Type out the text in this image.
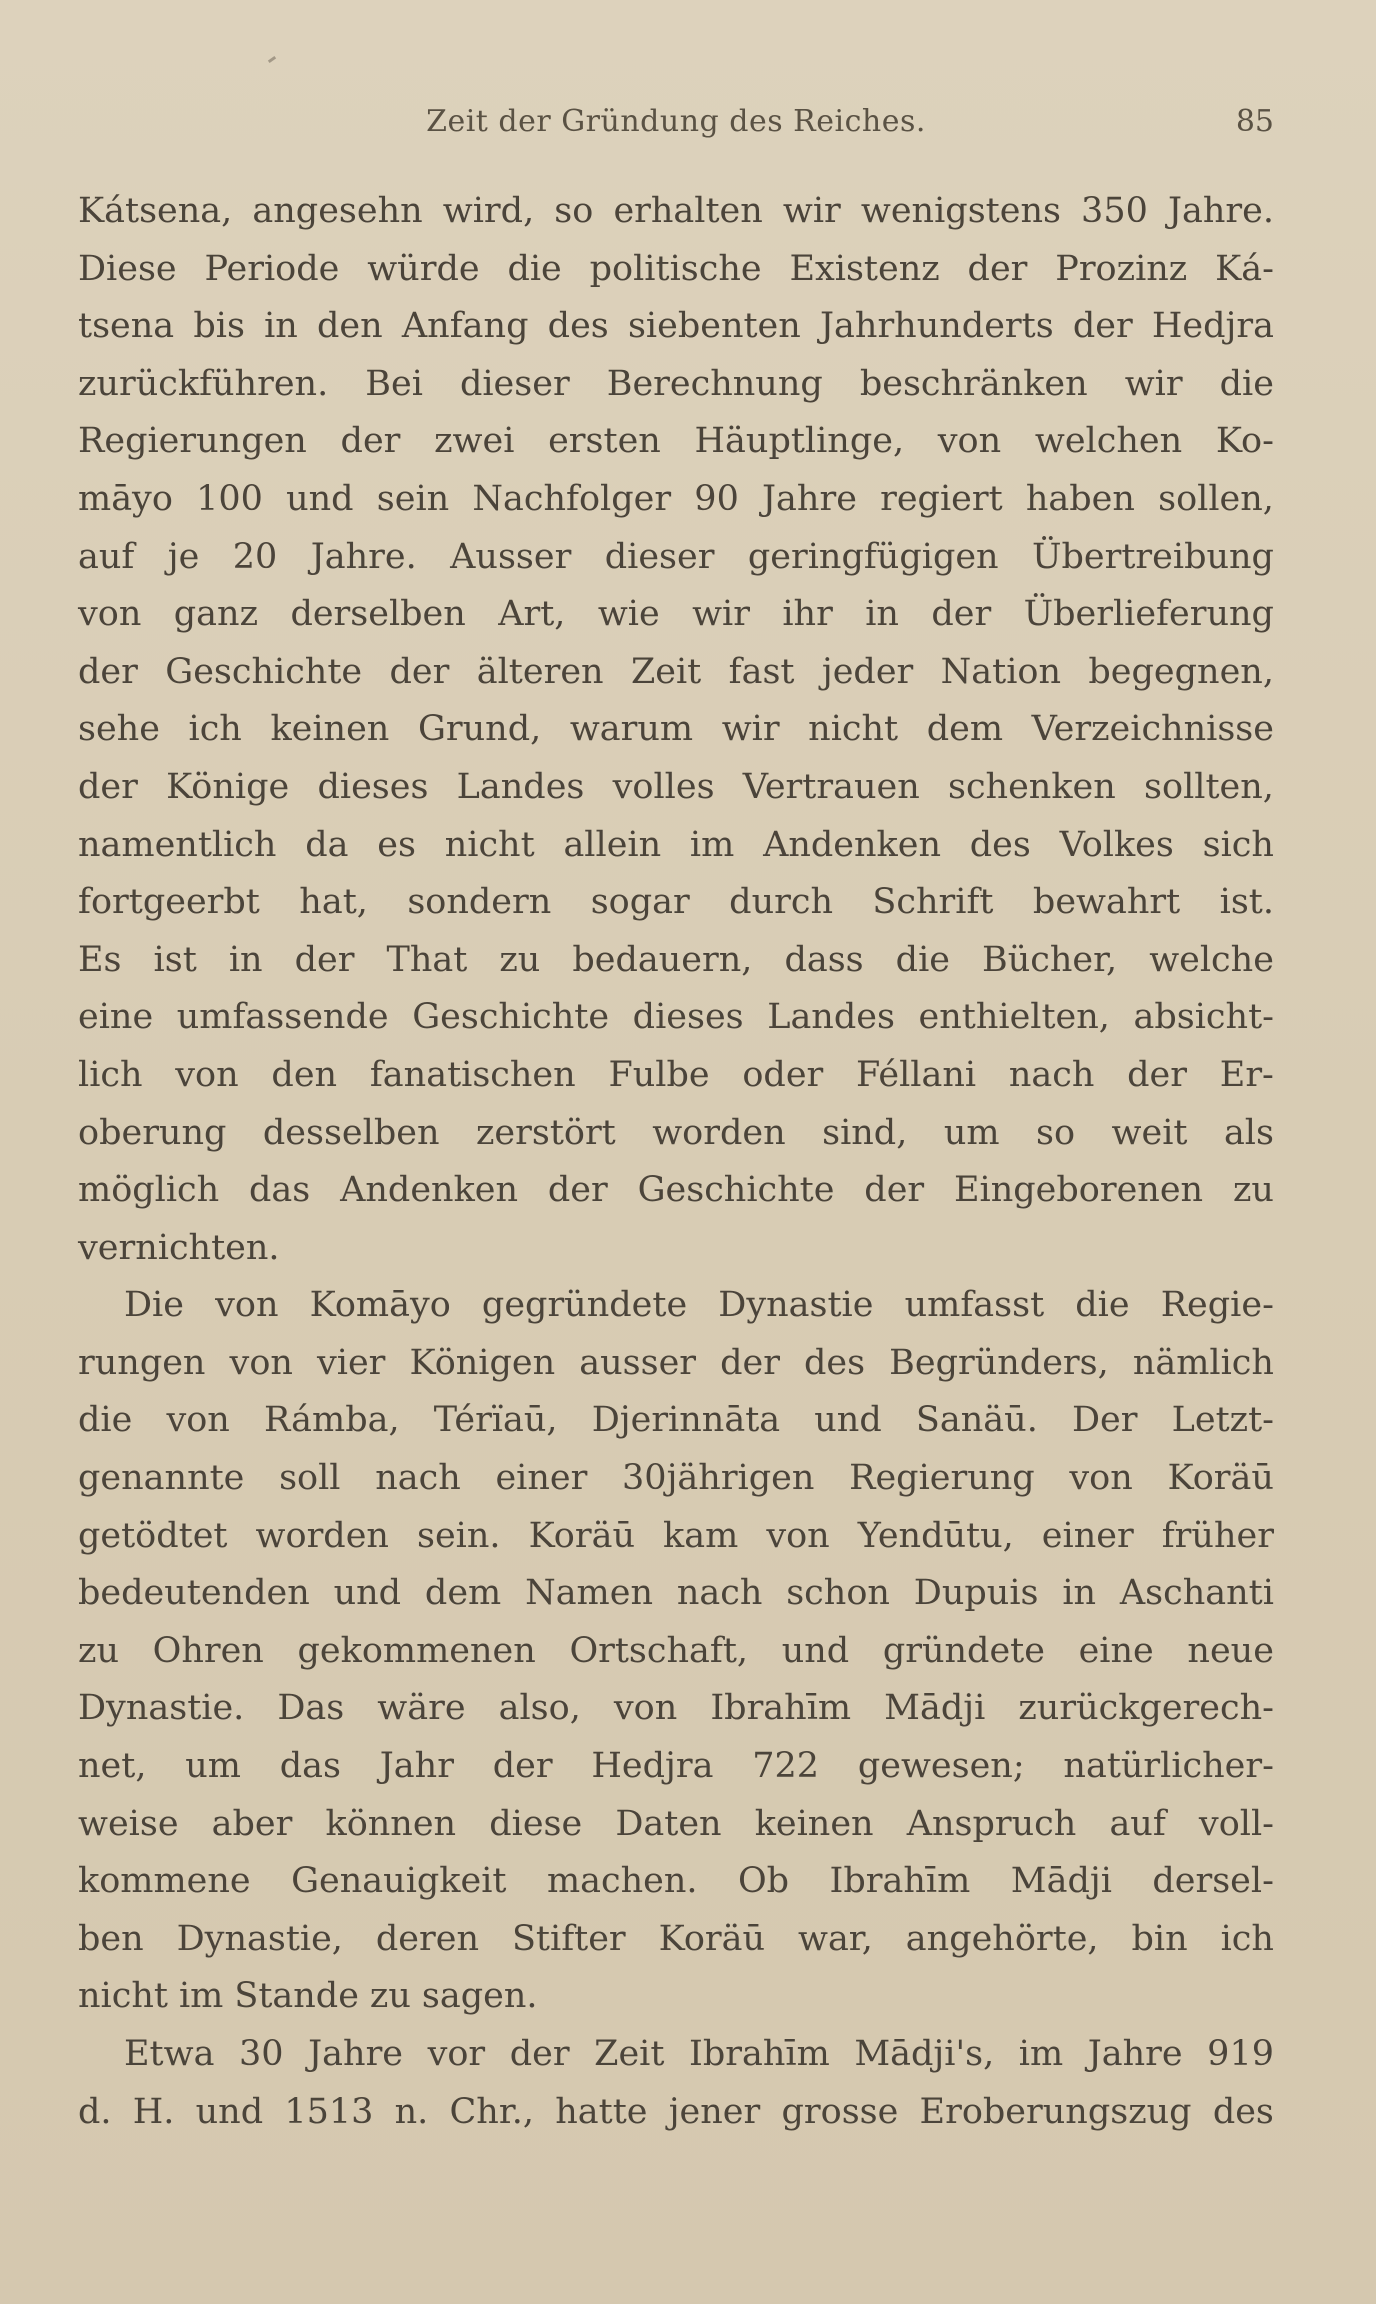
Zeit der Gründung des Reiches.	85
Kátsena, angesehn wird, so erhalten wir wenigstens 350 Jahre.
Diese Periode würde die politische Existenz der Prozinz Ká-
tsena bis in den Anfang des siebenten Jahrhunderts der Hedjra
zurückführen. Bei dieser Berechnung beschränken wir die
Regierungen der zwei ersten Häuptlinge, von welchen Ko-
māyo 100 und sein Nachfolger 90 Jahre regiert haben sollen,
auf je 20 Jahre. Ausser dieser geringfügigen Übertreibung
von ganz derselben Art, wie wir ihr in der Überlieferung
der Geschichte der älteren Zeit fast jeder Nation begegnen,
sehe ich keinen Grund, warum wir nicht dem Verzeichnisse
der Könige dieses Landes volles Vertrauen schenken sollten,
namentlich da es nicht allein im Andenken des Volkes sich
fortgeerbt hat, sondern sogar durch Schrift bewahrt ist.
Es ist in der That zu bedauern, dass die Bücher, welche
eine umfassende Geschichte dieses Landes enthielten, absicht-
lich von den fanatischen Fulbe oder Féllani nach der Er-
oberung desselben zerstört worden sind, um so weit als
möglich das Andenken der Geschichte der Eingeborenen zu
vernichten.
Die von Komāyo gegründete Dynastie umfasst die Regie-
rungen von vier Königen ausser der des Begründers, nämlich
die von Rámba, Térïaū, Djerinnāta und Sanäū. Der Letzt-
genannte soll nach einer 30jährigen Regierung von Koräū
getödtet worden sein. Koräū kam von Yendūtu, einer früher
bedeutenden und dem Namen nach schon Dupuis in Aschanti
zu Ohren gekommenen Ortschaft, und gründete eine neue
Dynastie. Das wäre also, von Ibrahīm Mādji zurückgerech-
net, um das Jahr der Hedjra 722 gewesen; natürlicher-
weise aber können diese Daten keinen Anspruch auf voll-
kommene Genauigkeit machen. Ob Ibrahīm Mādji dersel-
ben Dynastie, deren Stifter Koräū war, angehörte, bin ich
nicht im Stande zu sagen.
Etwa 30 Jahre vor der Zeit Ibrahīm Mādji's, im Jahre 919
d. H. und 1513 n. Chr., hatte jener grosse Eroberungszug des
